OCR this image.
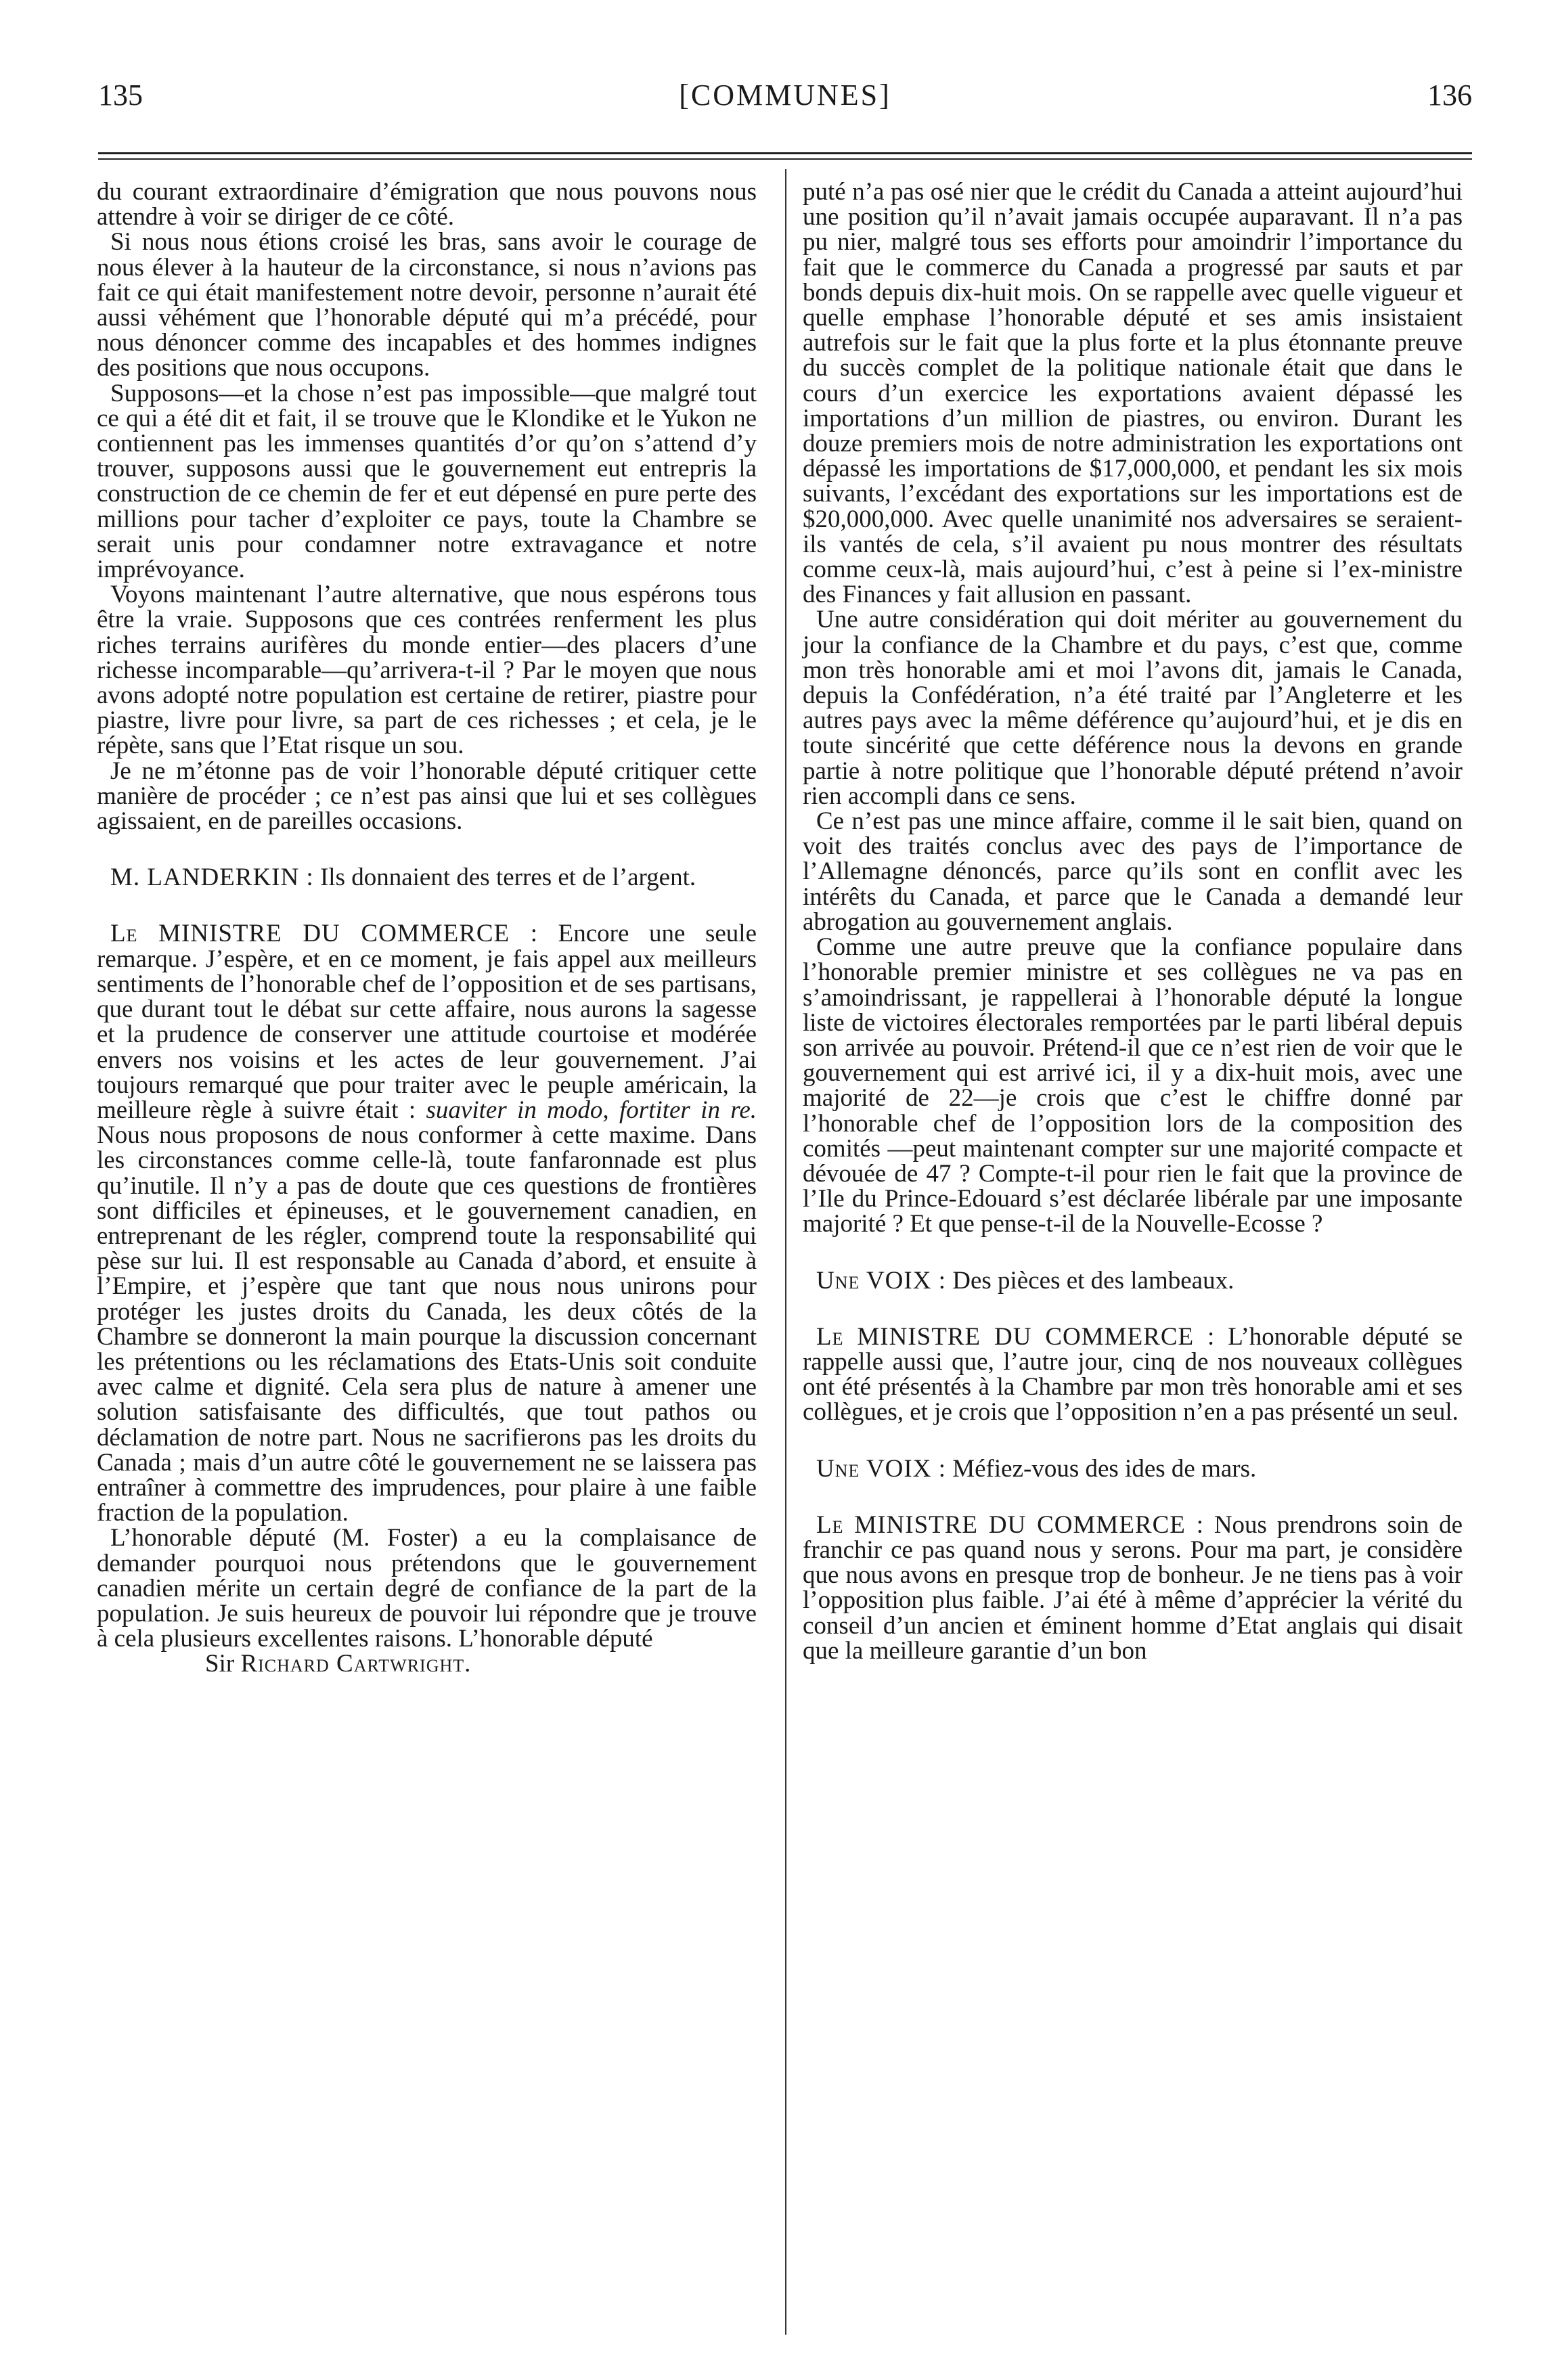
135	[COMMUNES]	136

du courant extraordinaire d’émigration que nous pouvons nous attendre à voir se diriger de ce côté.

Si nous nous étions croisé les bras, sans avoir le courage de nous élever à la hauteur de la circonstance, si nous n’avions pas fait ce qui était manifestement notre devoir, personne n’aurait été aussi véhément que l’honorable député qui m’a précédé, pour nous dénoncer comme des incapables et des hommes indignes des positions que nous occupons.

Supposons—et la chose n’est pas impossible—que malgré tout ce qui a été dit et fait, il se trouve que le Klondike et le Yukon ne contiennent pas les immenses quantités d’or qu’on s’attend d’y trouver, supposons aussi que le gouvernement eut entrepris la construction de ce chemin de fer et eut dépensé en pure perte des millions pour tacher d’exploiter ce pays, toute la Chambre se serait unis pour condamner notre extravagance et notre imprévoyance.

Voyons maintenant l’autre alternative, que nous espérons tous être la vraie. Supposons que ces contrées renferment les plus riches terrains aurifères du monde entier—des placers d’une richesse incomparable—qu’arrivera-t-il ? Par le moyen que nous avons adopté notre population est certaine de retirer, piastre pour piastre, livre pour livre, sa part de ces richesses ; et cela, je le répète, sans que l’Etat risque un sou.

Je ne m’étonne pas de voir l’honorable député critiquer cette manière de procéder ; ce n’est pas ainsi que lui et ses collègues agissaient, en de pareilles occasions.

M. LANDERKIN : Ils donnaient des terres et de l’argent.

Le MINISTRE DU COMMERCE : Encore une seule remarque. J’espère, et en ce moment, je fais appel aux meilleurs sentiments de l’honorable chef de l’opposition et de ses partisans, que durant tout le débat sur cette affaire, nous aurons la sagesse et la prudence de conserver une attitude courtoise et modérée envers nos voisins et les actes de leur gouvernement. J’ai toujours remarqué que pour traiter avec le peuple américain, la meilleure règle à suivre était : suaviter in modo, fortiter in re. Nous nous proposons de nous conformer à cette maxime. Dans les circonstances comme celle-là, toute fanfaronnade est plus qu’inutile. Il n’y a pas de doute que ces questions de frontières sont difficiles et épineuses, et le gouvernement canadien, en entreprenant de les régler, comprend toute la responsabilité qui pèse sur lui. Il est responsable au Canada d’abord, et ensuite à l’Empire, et j’espère que tant que nous nous unirons pour protéger les justes droits du Canada, les deux côtés de la Chambre se donneront la main pourque la discussion concernant les prétentions ou les réclamations des Etats-Unis soit conduite avec calme et dignité. Cela sera plus de nature à amener une solution satisfaisante des difficultés, que tout pathos ou déclamation de notre part. Nous ne sacrifierons pas les droits du Canada ; mais d’un autre côté le gouvernement ne se laissera pas entraîner à commettre des imprudences, pour plaire à une faible fraction de la population.

L’honorable député (M. Foster) a eu la complaisance de demander pourquoi nous prétendons que le gouvernement canadien mérite un certain degré de confiance de la part de la population. Je suis heureux de pouvoir lui répondre que je trouve à cela plusieurs excellentes raisons. L’honorable député

Sir Richard Cartwright.

puté n’a pas osé nier que le crédit du Canada a atteint aujourd’hui une position qu’il n’avait jamais occupée auparavant. Il n’a pas pu nier, malgré tous ses efforts pour amoindrir l’importance du fait que le commerce du Canada a progressé par sauts et par bonds depuis dix-huit mois. On se rappelle avec quelle vigueur et quelle emphase l’honorable député et ses amis insistaient autrefois sur le fait que la plus forte et la plus étonnante preuve du succès complet de la politique nationale était que dans le cours d’un exercice les exportations avaient dépassé les importations d’un million de piastres, ou environ. Durant les douze premiers mois de notre administration les exportations ont dépassé les importations de $17,000,000, et pendant les six mois suivants, l’excédant des exportations sur les importations est de $20,000,000. Avec quelle unanimité nos adversaires se seraient-ils vantés de cela, s’il avaient pu nous montrer des résultats comme ceux-là, mais aujourd’hui, c’est à peine si l’ex-ministre des Finances y fait allusion en passant.

Une autre considération qui doit mériter au gouvernement du jour la confiance de la Chambre et du pays, c’est que, comme mon très honorable ami et moi l’avons dit, jamais le Canada, depuis la Confédération, n’a été traité par l’Angleterre et les autres pays avec la même déférence qu’aujourd’hui, et je dis en toute sincérité que cette déférence nous la devons en grande partie à notre politique que l’honorable député prétend n’avoir rien accompli dans ce sens.

Ce n’est pas une mince affaire, comme il le sait bien, quand on voit des traités conclus avec des pays de l’importance de l’Allemagne dénoncés, parce qu’ils sont en conflit avec les intérêts du Canada, et parce que le Canada a demandé leur abrogation au gouvernement anglais.

Comme une autre preuve que la confiance populaire dans l’honorable premier ministre et ses collègues ne va pas en s’amoindrissant, je rappellerai à l’honorable député la longue liste de victoires électorales remportées par le parti libéral depuis son arrivée au pouvoir. Prétend-il que ce n’est rien de voir que le gouvernement qui est arrivé ici, il y a dix-huit mois, avec une majorité de 22—je crois que c’est le chiffre donné par l’honorable chef de l’opposition lors de la composition des comités —peut maintenant compter sur une majorité compacte et dévouée de 47 ? Compte-t-il pour rien le fait que la province de l’Ile du Prince-Edouard s’est déclarée libérale par une imposante majorité ? Et que pense-t-il de la Nouvelle-Ecosse ?

Une VOIX : Des pièces et des lambeaux.

Le MINISTRE DU COMMERCE : L’honorable député se rappelle aussi que, l’autre jour, cinq de nos nouveaux collègues ont été présentés à la Chambre par mon très honorable ami et ses collègues, et je crois que l’opposition n’en a pas présenté un seul.

Une VOIX : Méfiez-vous des ides de mars.

Le MINISTRE DU COMMERCE : Nous prendrons soin de franchir ce pas quand nous y serons. Pour ma part, je considère que nous avons en presque trop de bonheur. Je ne tiens pas à voir l’opposition plus faible. J’ai été à même d’apprécier la vérité du conseil d’un ancien et éminent homme d’Etat anglais qui disait que la meilleure garantie d’un bon
